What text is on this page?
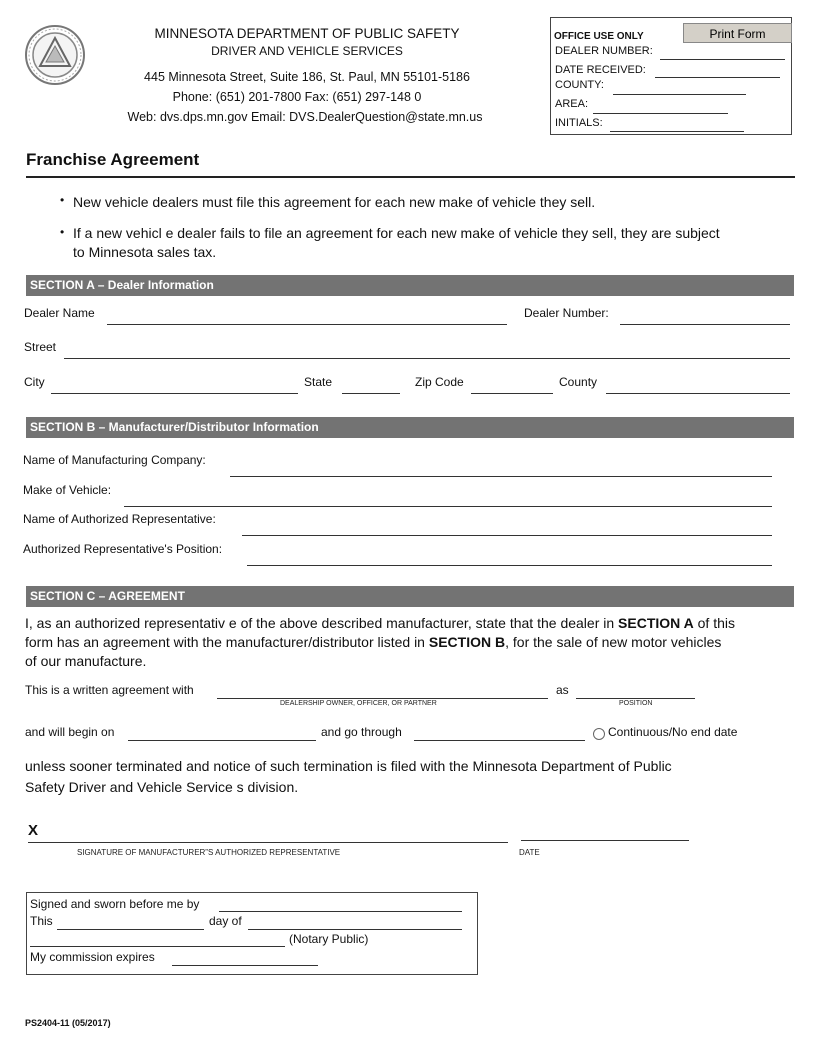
MINNESOTA DEPARTMENT OF PUBLIC SAFETY
DRIVER AND VEHICLE SERVICES
445 Minnesota Street, Suite 186, St. Paul, MN 55101-5186
Phone: (651) 201-7800 Fax: (651) 297-148 0
Web: dvs.dps.mn.gov Email: DVS.DealerQuestion@state.mn.us
OFFICE USE ONLY	Print Form
DEALER NUMBER:
DATE RECEIVED:
COUNTY:
AREA:
INITIALS:
Franchise Agreement
• New vehicle dealers must file this agreement for each new make of vehicle they sell.
• If a new vehicl e dealer fails to file an agreement for each new make of vehicle they sell, they are subject
to Minnesota sales tax.
SECTION A – Dealer Information
Dealer Name	Dealer Number:
Street
City	State	Zip Code	County
SECTION B – Manufacturer/Distributor Information
Name of Manufacturing Company:
Make of Vehicle:
Name of Authorized Representative:
Authorized Representative's Position:
SECTION C – AGREEMENT
I, as an authorized representativ e of the above described manufacturer, state that the dealer in SECTION A of this
form has an agreement with the manufacturer/distributor listed in SECTION B, for the sale of new motor vehicles
of our manufacture.
This is a written agreement with
DEALERSHIP OWNER, OFFICER, OR PARTNER
as
POSITION
and will begin on	and go through	Continuous/No end date
unless sooner terminated and notice of such termination is filed with the Minnesota Department of Public
Safety Driver and Vehicle Service s division.
X
SIGNATURE OF MANUFACTURER”S AUTHORIZED REPRESENTATIVE	DATE
Signed and sworn before me by
This	day of
(Notary Public)
My commission expires
PS2404-11 (05/2017)
